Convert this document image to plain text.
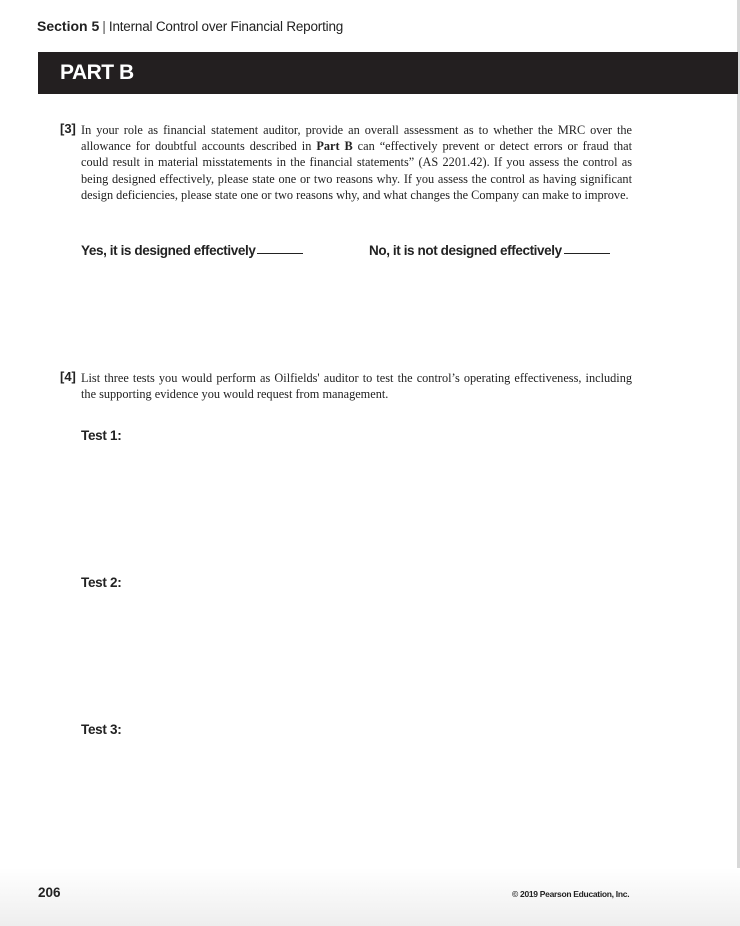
Section 5 | Internal Control over Financial Reporting
PART B
[3] In your role as financial statement auditor, provide an overall assessment as to whether the MRC over the allowance for doubtful accounts described in Part B can “effectively prevent or detect errors or fraud that could result in material misstatements in the financial statements” (AS 2201.42). If you assess the control as being designed effectively, please state one or two reasons why. If you assess the control as having significant design deficiencies, please state one or two reasons why, and what changes the Company can make to improve.
Yes, it is designed effectively	No, it is not designed effectively
[4] List three tests you would perform as Oilfields' auditor to test the control’s operating effectiveness, including the supporting evidence you would request from management.
Test 1:
Test 2:
Test 3:
206	© 2019 Pearson Education, Inc.
